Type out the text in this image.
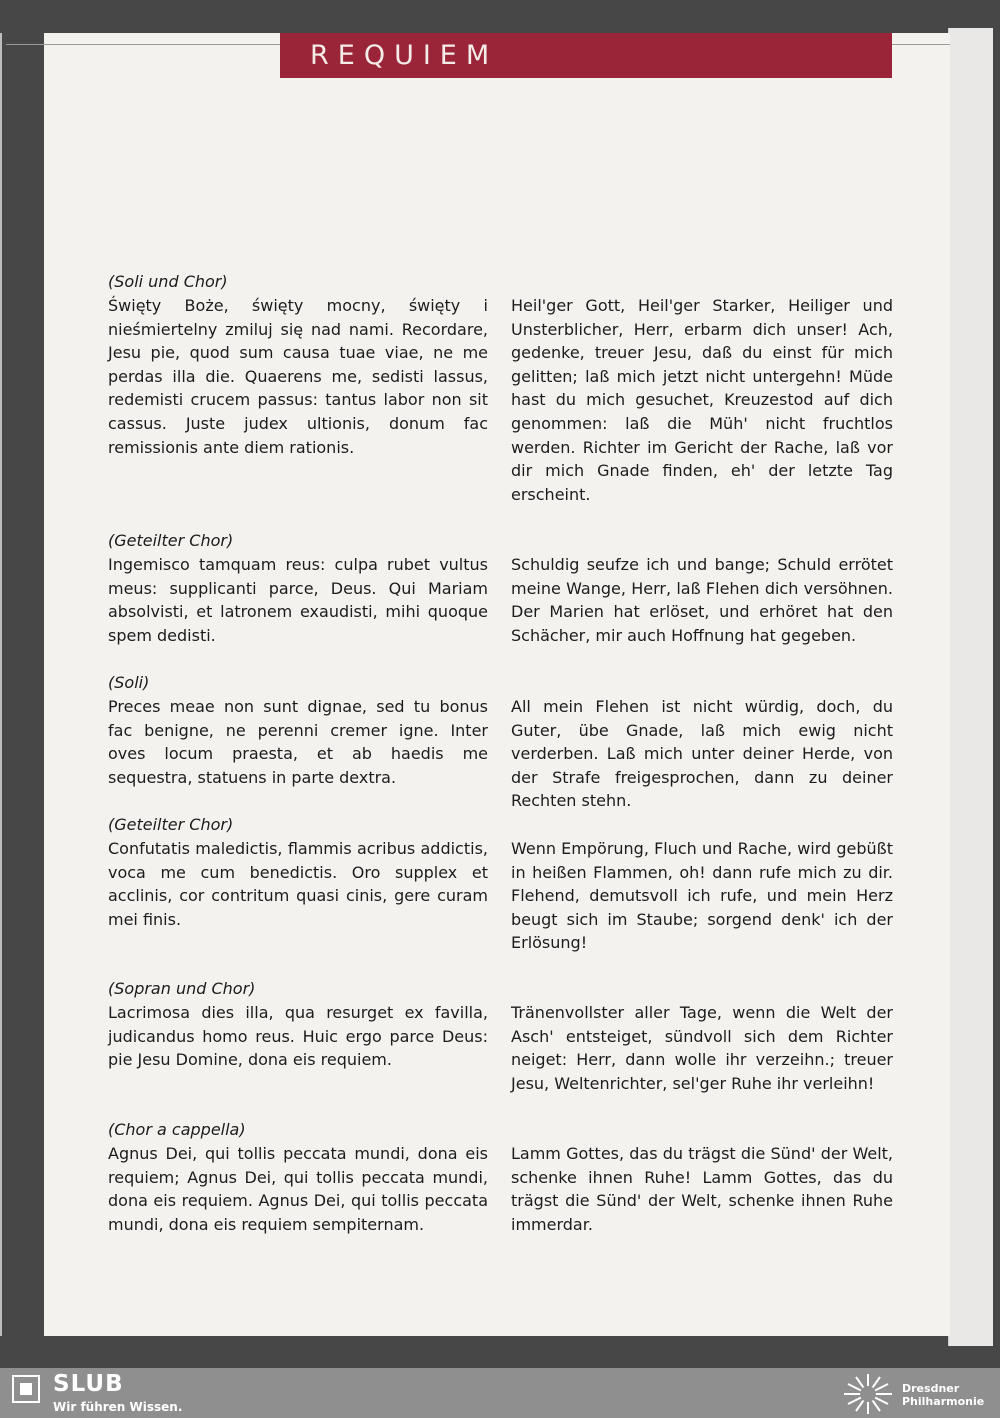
REQUIEM
(Soli und Chor)
Święty Boże, święty mocny, święty i nieśmiertelny zmiluj się nad nami. Recordare, Jesu pie, quod sum causa tuae viae, ne me perdas illa die. Quaerens me, sedisti lassus, redemisti crucem passus: tantus labor non sit cassus. Juste judex ultionis, donum fac remissionis ante diem rationis.
Heil'ger Gott, Heil'ger Starker, Heiliger und Unsterblicher, Herr, erbarm dich unser! Ach, gedenke, treuer Jesu, daß du einst für mich gelitten; laß mich jetzt nicht untergehn! Müde hast du mich gesuchet, Kreuzestod auf dich genommen: laß die Müh' nicht fruchtlos werden. Richter im Gericht der Rache, laß vor dir mich Gnade finden, eh' der letzte Tag erscheint.
(Geteilter Chor)
Ingemisco tamquam reus: culpa rubet vultus meus: supplicanti parce, Deus. Qui Mariam absolvisti, et latronem exaudisti, mihi quoque spem dedisti.
Schuldig seufze ich und bange; Schuld errötet meine Wange, Herr, laß Flehen dich versöhnen. Der Marien hat erlöset, und erhöret hat den Schächer, mir auch Hoffnung hat gegeben.
(Soli)
Preces meae non sunt dignae, sed tu bonus fac benigne, ne perenni cremer igne. Inter oves locum praesta, et ab haedis me sequestra, statuens in parte dextra.
All mein Flehen ist nicht würdig, doch, du Guter, übe Gnade, laß mich ewig nicht verderben. Laß mich unter deiner Herde, von der Strafe freigesprochen, dann zu deiner Rechten stehn.
(Geteilter Chor)
Confutatis maledictis, flammis acribus addictis, voca me cum benedictis. Oro supplex et acclinis, cor contritum quasi cinis, gere curam mei finis.
Wenn Empörung, Fluch und Rache, wird gebüßt in heißen Flammen, oh! dann rufe mich zu dir. Flehend, demutsvoll ich rufe, und mein Herz beugt sich im Staube; sorgend denk' ich der Erlösung!
(Sopran und Chor)
Lacrimosa dies illa, qua resurget ex favilla, judicandus homo reus. Huic ergo parce Deus: pie Jesu Domine, dona eis requiem.
Tränenvollster aller Tage, wenn die Welt der Asch' entsteiget, sündvoll sich dem Richter neiget: Herr, dann wolle ihr verzeihn.; treuer Jesu, Weltenrichter, sel'ger Ruhe ihr verleihn!
(Chor a cappella)
Agnus Dei, qui tollis peccata mundi, dona eis requiem; Agnus Dei, qui tollis peccata mundi, dona eis requiem. Agnus Dei, qui tollis peccata mundi, dona eis requiem sempiternam.
Lamm Gottes, das du trägst die Sünd' der Welt, schenke ihnen Ruhe! Lamm Gottes, das du trägst die Sünd' der Welt, schenke ihnen Ruhe immerdar.
SLUB
Wir führen Wissen.
Dresdner
Philharmonie
